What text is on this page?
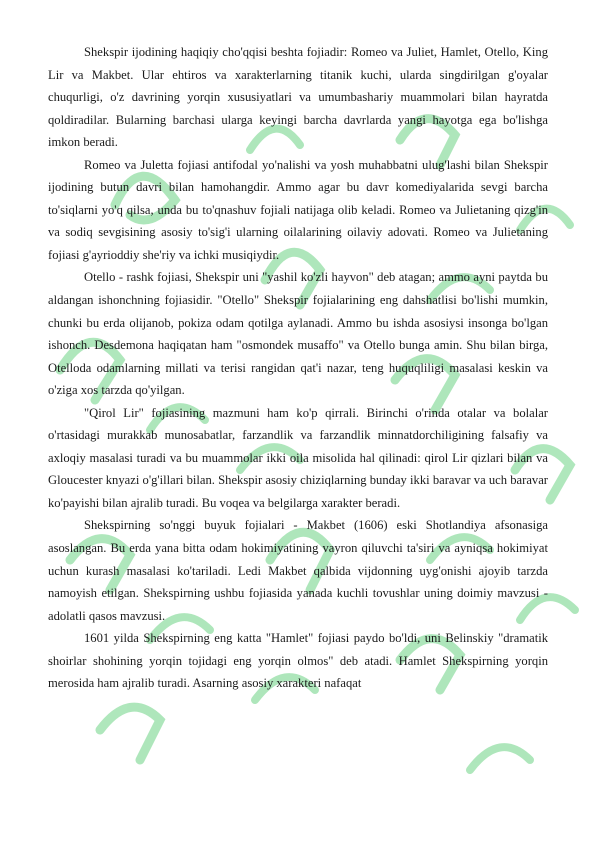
Shekspir ijodining haqiqiy cho'qqisi beshta fojiadir: Romeo va Juliet, Hamlet, Otello, King Lir va Makbet. Ular ehtiros va xarakterlarning titanik kuchi, ularda singdirilgan g'oyalar chuqurligi, o'z davrining yorqin xususiyatlari va umumbashariy muammolari bilan hayratda qoldiradilar. Bularning barchasi ularga keyingi barcha davrlarda yangi hayotga ega bo'lishga imkon beradi.

Romeo va Juletta fojiasi antifodal yo'nalishi va yosh muhabbatni ulug'lashi bilan Shekspir ijodining butun davri bilan hamohangdir. Ammo agar bu davr komediyalarida sevgi barcha to'siqlarni yo'q qilsa, unda bu to'qnashuv fojiali natijaga olib keladi. Romeo va Julietaning qizg'in va sodiq sevgisining asosiy to'sig'i ularning oilalarining oilaviy adovati. Romeo va Julietaning fojiasi g'ayrioddiy she'riy va ichki musiqiydir.

Otello - rashk fojiasi, Shekspir uni "yashil ko'zli hayvon" deb atagan; ammo ayni paytda bu aldangan ishonchning fojiasidir. "Otello" Shekspir fojialarining eng dahshatlisi bo'lishi mumkin, chunki bu erda olijanob, pokiza odam qotilga aylanadi. Ammo bu ishda asosiysi insonga bo'lgan ishonch. Desdemona haqiqatan ham "osmondek musaffo" va Otello bunga amin. Shu bilan birga, Otelloda odamlarning millati va terisi rangidan qat'i nazar, teng huquqliligi masalasi keskin va o'ziga xos tarzda qo'yilgan.

"Qirol Lir" fojiasining mazmuni ham ko'p qirrali. Birinchi o'rinda otalar va bolalar o'rtasidagi murakkab munosabatlar, farzandlik va farzandlik minnatdorchiligining falsafiy va axloqiy masalasi turadi va bu muammolar ikki oila misolida hal qilinadi: qirol Lir qizlari bilan va Gloucester knyazi o'g'illari bilan. Shekspir asosiy chiziqlarning bunday ikki baravar va uch baravar ko'payishi bilan ajralib turadi. Bu voqea va belgilarga xarakter beradi.

Shekspirning so'nggi buyuk fojialari - Makbet (1606) eski Shotlandiya afsonasiga asoslangan. Bu erda yana bitta odam hokimiyatining vayron qiluvchi ta'siri va ayniqsa hokimiyat uchun kurash masalasi ko'tariladi. Ledi Makbet qalbida vijdonning uyg'onishi ajoyib tarzda namoyish etilgan. Shekspirning ushbu fojiasida yanada kuchli tovushlar uning doimiy mavzusi - adolatli qasos mavzusi.

1601 yilda Shekspirning eng katta "Hamlet" fojiasi paydo bo'ldi, uni Belinskiy "dramatik shoirlar shohining yorqin tojidagi eng yorqin olmos" deb atadi. Hamlet Shekspirning yorqin merosida ham ajralib turadi. Asarning asosiy xarakteri nafaqat
